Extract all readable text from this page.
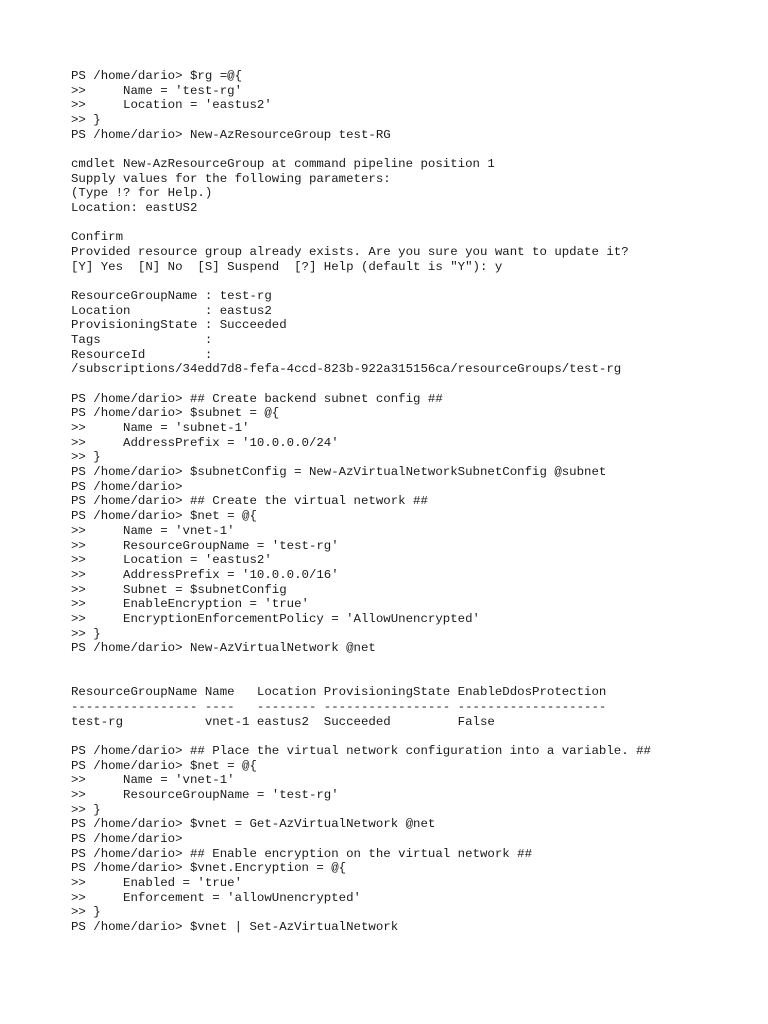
PS /home/dario> $rg =@{
>>     Name = 'test-rg'
>>     Location = 'eastus2'
>> }
PS /home/dario> New-AzResourceGroup test-RG
cmdlet New-AzResourceGroup at command pipeline position 1
Supply values for the following parameters:
(Type !? for Help.)
Location: eastUS2
Confirm
Provided resource group already exists. Are you sure you want to update it?
[Y] Yes  [N] No  [S] Suspend  [?] Help (default is "Y"): y
ResourceGroupName : test-rg
Location          : eastus2
ProvisioningState : Succeeded
Tags              :
ResourceId        :
/subscriptions/34edd7d8-fefa-4ccd-823b-922a315156ca/resourceGroups/test-rg
PS /home/dario> ## Create backend subnet config ##
PS /home/dario> $subnet = @{
>>     Name = 'subnet-1'
>>     AddressPrefix = '10.0.0.0/24'
>> }
PS /home/dario> $subnetConfig = New-AzVirtualNetworkSubnetConfig @subnet
PS /home/dario>
PS /home/dario> ## Create the virtual network ##
PS /home/dario> $net = @{
>>     Name = 'vnet-1'
>>     ResourceGroupName = 'test-rg'
>>     Location = 'eastus2'
>>     AddressPrefix = '10.0.0.0/16'
>>     Subnet = $subnetConfig
>>     EnableEncryption = 'true'
>>     EncryptionEnforcementPolicy = 'AllowUnencrypted'
>> }
PS /home/dario> New-AzVirtualNetwork @net
ResourceGroupName Name   Location ProvisioningState EnableDdosProtection
----------------- ----   -------- ----------------- --------------------
test-rg           vnet-1 eastus2  Succeeded         False
PS /home/dario> ## Place the virtual network configuration into a variable. ##
PS /home/dario> $net = @{
>>     Name = 'vnet-1'
>>     ResourceGroupName = 'test-rg'
>> }
PS /home/dario> $vnet = Get-AzVirtualNetwork @net
PS /home/dario>
PS /home/dario> ## Enable encryption on the virtual network ##
PS /home/dario> $vnet.Encryption = @{
>>     Enabled = 'true'
>>     Enforcement = 'allowUnencrypted'
>> }
PS /home/dario> $vnet | Set-AzVirtualNetwork
